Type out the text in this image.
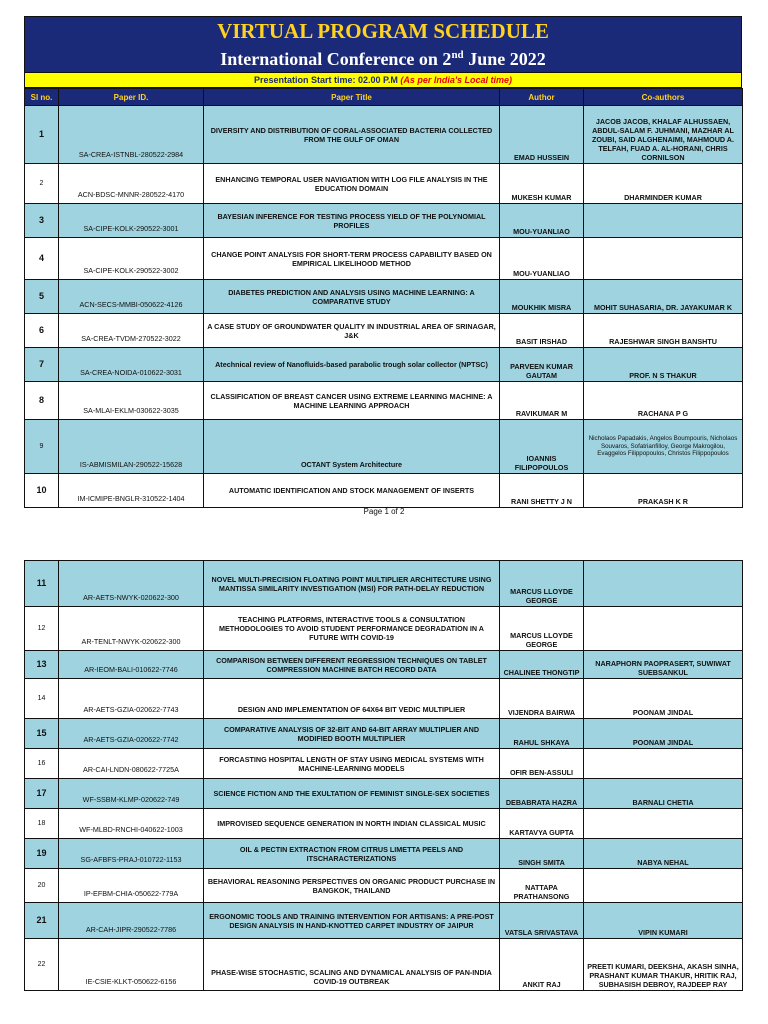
VIRTUAL PROGRAM SCHEDULE
International Conference on 2nd June 2022
Presentation Start time: 02.00 P.M (As per India's Local time)
Sl no.	Paper ID.	Paper Title	Author	Co-authors
1	SA-CREA-ISTNBL-280522-2984	DIVERSITY AND DISTRIBUTION OF CORAL-ASSOCIATED BACTERIA COLLECTED FROM THE GULF OF OMAN	EMAD HUSSEIN	JACOB JACOB, KHALAF ALHUSSAEN, ABDUL-SALAM F. JUHMANI, MAZHAR AL ZOUBI, SAID ALGHENAIMI, MAHMOUD A. TELFAH, FUAD A. AL-HORANI, CHRIS CORNILSON
2	ACN-BDSC-MNNR-280522-4170	ENHANCING TEMPORAL USER NAVIGATION WITH LOG FILE ANALYSIS IN THE EDUCATION DOMAIN	MUKESH KUMAR	DHARMINDER KUMAR
3	SA-CIPE-KOLK-290522-3001	BAYESIAN INFERENCE FOR TESTING PROCESS YIELD OF THE POLYNOMIAL PROFILES	MOU-YUANLIAO	
4	SA-CIPE-KOLK-290522-3002	CHANGE POINT ANALYSIS FOR SHORT-TERM PROCESS CAPABILITY BASED ON EMPIRICAL LIKELIHOOD METHOD	MOU-YUANLIAO	
5	ACN-SECS-MMBI-050622-4126	DIABETES PREDICTION AND ANALYSIS USING MACHINE LEARNING: A COMPARATIVE STUDY	MOUKHIK MISRA	MOHIT SUHASARIA, DR. JAYAKUMAR K
6	SA-CREA-TVDM-270522-3022	A CASE STUDY OF GROUNDWATER QUALITY IN INDUSTRIAL AREA OF SRINAGAR, J&K	BASIT IRSHAD	RAJESHWAR SINGH BANSHTU
7	SA-CREA-NOIDA-010622-3031	Atechnical review of Nanofluids-based parabolic trough solar collector (NPTSC)	PARVEEN KUMAR GAUTAM	PROF. N S THAKUR
8	SA-MLAI-EKLM-030622-3035	CLASSIFICATION OF BREAST CANCER USING EXTREME LEARNING MACHINE: A MACHINE LEARNING APPROACH	RAVIKUMAR M	RACHANA P G
9	IS-ABMISMILAN-290522-15628	OCTANT System Architecture	IOANNIS FILIPOPOULOS	Nicholaos Papadakis, Angelos Boumpouris, Nicholaos Souvaros, Sofatrianfilloy, George Makrogilou, Evaggelos Filippopoulos, Christos Filippopoulos
10	IM-ICMIPE-BNGLR-310522-1404	AUTOMATIC IDENTIFICATION AND STOCK MANAGEMENT OF INSERTS	RANI SHETTY J N	PRAKASH K R
Page 1 of 2
11	AR-AETS-NWYK-020622-300	NOVEL MULTI-PRECISION FLOATING POINT MULTIPLIER ARCHITECTURE USING MANTISSA SIMILARITY INVESTIGATION (MSI) FOR PATH-DELAY REDUCTION	MARCUS LLOYDE GEORGE	
12	AR-TENLT-NWYK-020622-300	TEACHING PLATFORMS, INTERACTIVE TOOLS & CONSULTATION METHODOLOGIES TO AVOID STUDENT PERFORMANCE DEGRADATION IN A FUTURE WITH COVID-19	MARCUS LLOYDE GEORGE	
13	AR-IEOM-BALI-010622-7746	COMPARISON BETWEEN DIFFERENT REGRESSION TECHNIQUES ON TABLET COMPRESSION MACHINE BATCH RECORD DATA	CHALINEE THONGTIP	NARAPHORN PAOPRASERT, SUWIWAT SUEBSANKUL
14	AR-AETS-GZIA-020622-7743	DESIGN AND IMPLEMENTATION OF 64X64 BIT VEDIC MULTIPLIER	VIJENDRA BAIRWA	POONAM JINDAL
15	AR-AETS-GZIA-020622-7742	COMPARATIVE ANALYSIS OF 32-BIT AND 64-BIT ARRAY MULTIPLIER AND MODIFIED BOOTH MULTIPLIER	RAHUL SHKAYA	POONAM JINDAL
16	AR-CAI-LNDN-080622-7725A	FORCASTING HOSPITAL LENGTH OF STAY USING MEDICAL SYSTEMS WITH MACHINE-LEARNING MODELS	OFIR BEN-ASSULI	
17	WF-SSBM-KLMP-020622-749	SCIENCE FICTION AND THE EXULTATION OF FEMINIST SINGLE-SEX SOCIETIES	DEBABRATA HAZRA	BARNALI CHETIA
18	WF-MLBD-RNCHI-040622-1003	IMPROVISED SEQUENCE GENERATION IN NORTH INDIAN CLASSICAL MUSIC	KARTAVYA GUPTA	
19	SG-AFBFS-PRAJ-010722-1153	OIL & PECTIN EXTRACTION FROM CITRUS LIMETTA PEELS AND ITSCHARACTERIZATIONS	SINGH SMITA	NABYA NEHAL
20	IP-EFBM-CHIA-050622-779A	BEHAVIORAL REASONING PERSPECTIVES ON ORGANIC PRODUCT PURCHASE IN BANGKOK, THAILAND	NATTAPA PRATHANSONG	
21	AR-CAH-JIPR-290522-7786	ERGONOMIC TOOLS AND TRAINING INTERVENTION FOR ARTISANS: A PRE-POST DESIGN ANALYSIS IN HAND-KNOTTED CARPET INDUSTRY OF JAIPUR	VATSLA SRIVASTAVA	VIPIN KUMARI
22	IE-CSIE-KLKT-050622-6156	PHASE-WISE STOCHASTIC, SCALING AND DYNAMICAL ANALYSIS OF PAN-INDIA COVID-19 OUTBREAK	ANKIT RAJ	PREETI KUMARI, DEEKSHA, AKASH SINHA, PRASHANT KUMAR THAKUR, HRITIK RAJ, SUBHASISH DEBROY, RAJDEEP RAY
